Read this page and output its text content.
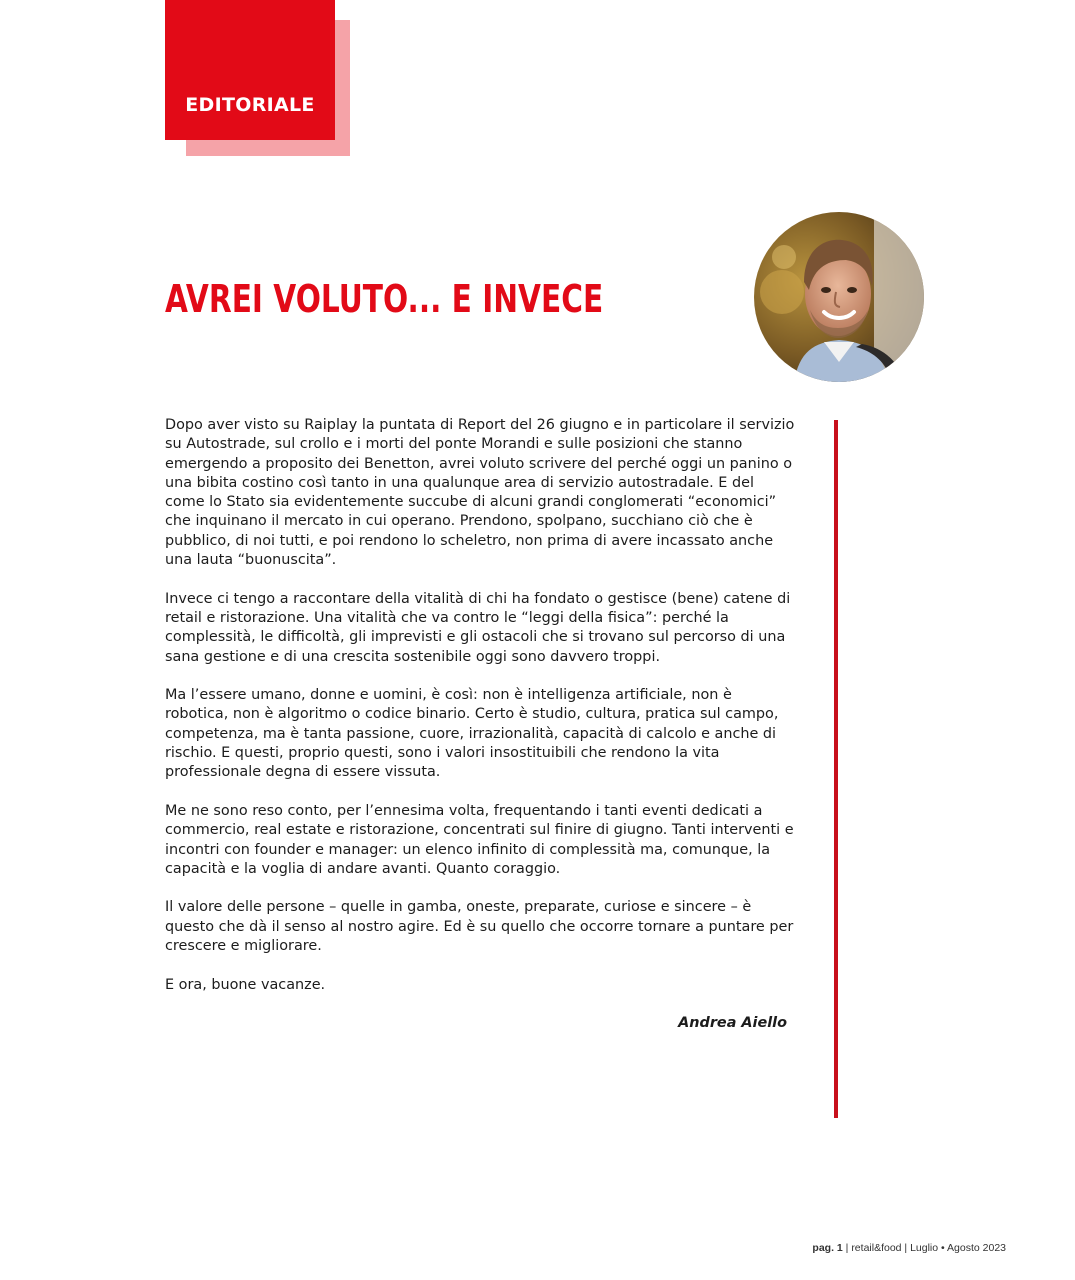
EDITORIALE
AVREI VOLUTO... E INVECE

Dopo aver visto su Raiplay la puntata di Report del 26 giugno e in particolare il servizio su Autostrade, sul crollo e i morti del ponte Morandi e sulle posizioni che stanno emergendo a proposito dei Benetton, avrei voluto scrivere del perché oggi un panino o una bibita costino così tanto in una qualunque area di servizio autostradale. E del come lo Stato sia evidentemente succube di alcuni grandi conglomerati “economici” che inquinano il mercato in cui operano. Prendono, spolpano, succhiano ciò che è pubblico, di noi tutti, e poi rendono lo scheletro, non prima di avere incassato anche una lauta “buonuscita”.

Invece ci tengo a raccontare della vitalità di chi ha fondato o gestisce (bene) catene di retail e ristorazione. Una vitalità che va contro le “leggi della fisica”: perché la complessità, le difficoltà, gli imprevisti e gli ostacoli che si trovano sul percorso di una sana gestione e di una crescita sostenibile oggi sono davvero troppi.

Ma l’essere umano, donne e uomini, è così: non è intelligenza artificiale, non è robotica, non è algoritmo o codice binario. Certo è studio, cultura, pratica sul campo, competenza, ma è tanta passione, cuore, irrazionalità, capacità di calcolo e anche di rischio. E questi, proprio questi, sono i valori insostituibili che rendono la vita professionale degna di essere vissuta.

Me ne sono reso conto, per l’ennesima volta, frequentando i tanti eventi dedicati a commercio, real estate e ristorazione, concentrati sul finire di giugno. Tanti interventi e incontri con founder e manager: un elenco infinito di complessità ma, comunque, la capacità e la voglia di andare avanti. Quanto coraggio.

Il valore delle persone – quelle in gamba, oneste, preparate, curiose e sincere – è questo che dà il senso al nostro agire. Ed è su quello che occorre tornare a puntare per crescere e migliorare.

E ora, buone vacanze.

Andrea Aiello
pag. 1 | retail&food | Luglio • Agosto 2023
